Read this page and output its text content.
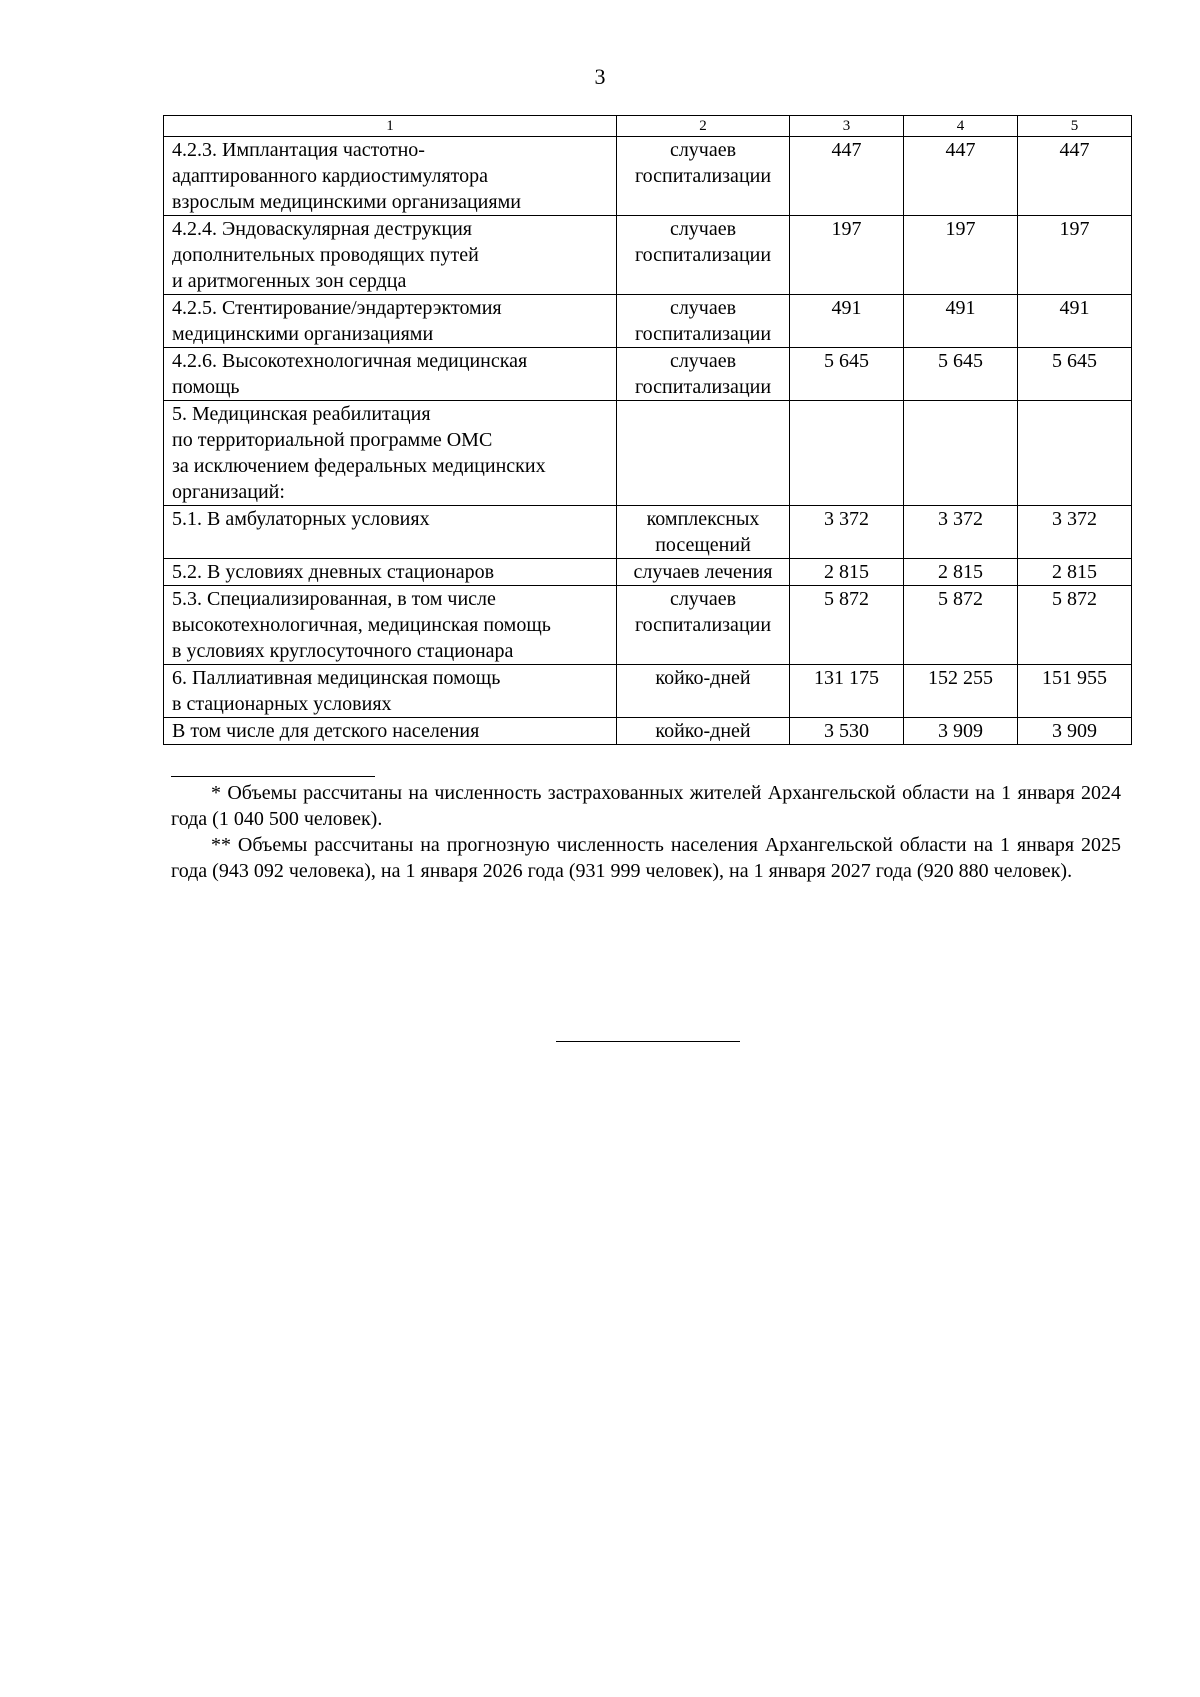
3
1	2	3	4	5
4.2.3. Имплантация частотно-
адаптированного кардиостимулятора
взрослым медицинскими организациями	случаев
госпитализации	447	447	447
4.2.4. Эндоваскулярная деструкция
дополнительных проводящих путей
и аритмогенных зон сердца	случаев
госпитализации	197	197	197
4.2.5. Стентирование/эндартерэктомия
медицинскими организациями	случаев
госпитализации	491	491	491
4.2.6. Высокотехнологичная медицинская
помощь	случаев
госпитализации	5 645	5 645	5 645
5. Медицинская реабилитация
по территориальной программе ОМС
за исключением федеральных медицинских
организаций:				
5.1. В амбулаторных условиях	комплексных
посещений	3 372	3 372	3 372
5.2. В условиях дневных стационаров	случаев лечения	2 815	2 815	2 815
5.3. Специализированная, в том числе
высокотехнологичная, медицинская помощь
в условиях круглосуточного стационара	случаев
госпитализации	5 872	5 872	5 872
6. Паллиативная медицинская помощь
в стационарных условиях	койко-дней	131 175	152 255	151 955
В том числе для детского населения	койко-дней	3 530	3 909	3 909

* Объемы рассчитаны на численность застрахованных жителей Архангельской области на 1 января 2024 года (1 040 500 человек).

** Объемы рассчитаны на прогнозную численность населения Архангельской области на 1 января 2025 года (943 092 человека), на 1 января 2026 года (931 999 человек), на 1 января 2027 года (920 880 человек).
